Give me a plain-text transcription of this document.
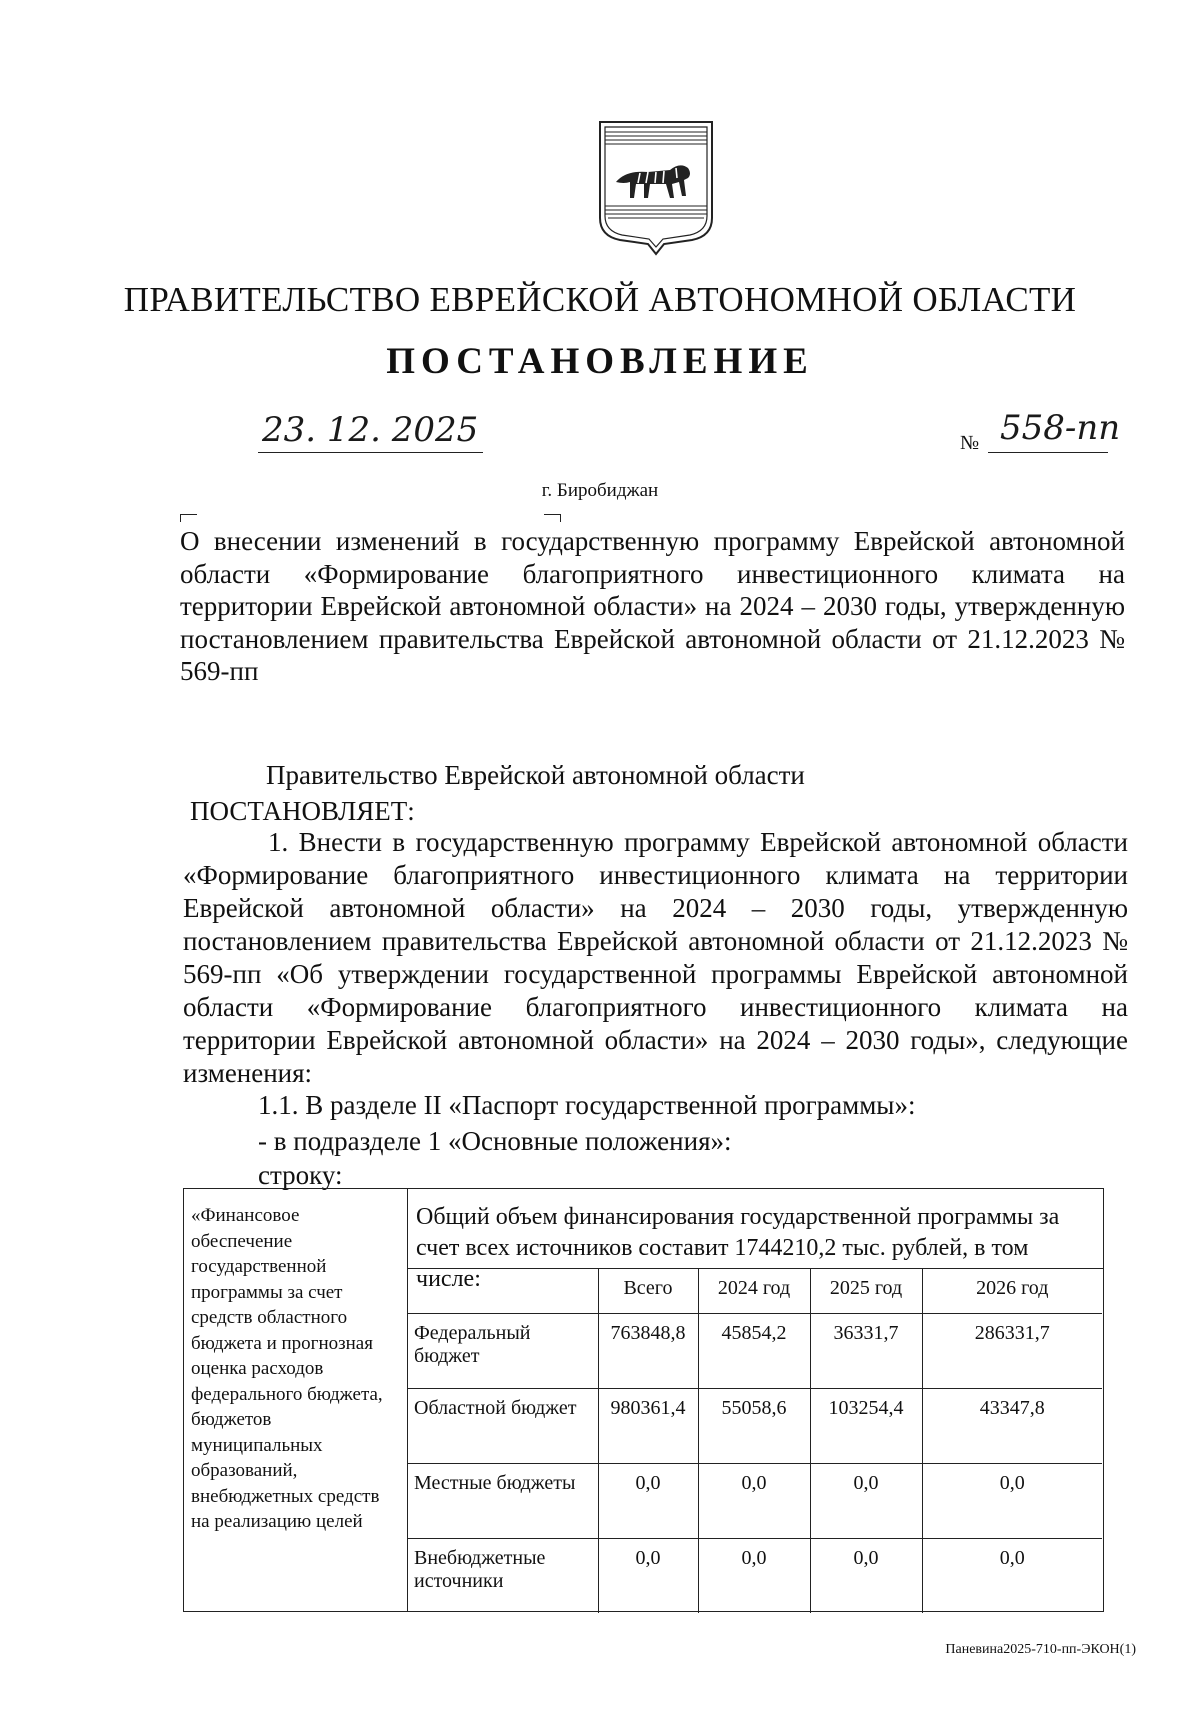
ПРАВИТЕЛЬСТВО ЕВРЕЙСКОЙ АВТОНОМНОЙ ОБЛАСТИ
ПОСТАНОВЛЕНИЕ
23. 12. 2025	№ 558-пп
г. Биробиджан
О внесении изменений в государственную программу Еврейской автономной области «Формирование благоприятного инвестиционного климата на территории Еврейской автономной области» на 2024 – 2030 годы, утвержденную постановлением правительства Еврейской автономной области от 21.12.2023 № 569-пп
Правительство Еврейской автономной области
ПОСТАНОВЛЯЕТ:
1. Внести в государственную программу Еврейской автономной области «Формирование благоприятного инвестиционного климата на территории Еврейской автономной области» на 2024 – 2030 годы, утвержденную постановлением правительства Еврейской автономной области от 21.12.2023 № 569-пп «Об утверждении государственной программы Еврейской автономной области «Формирование благоприятного инвестиционного климата на территории Еврейской автономной области» на 2024 – 2030 годы», следующие изменения:
1.1. В разделе II «Паспорт государственной программы»:
- в подразделе 1 «Основные положения»:
строку:
«Финансовое обеспечение государственной программы за счет средств областного бюджета и прогнозная оценка расходов федерального бюджета, бюджетов муниципальных образований, внебюджетных средств на реализацию целей
Общий объем финансирования государственной программы за счет всех источников составит 1744210,2 тыс. рублей, в том числе:
		Всего	2024 год	2025 год	2026 год
Федеральный бюджет	763848,8	45854,2	36331,7	286331,7
Областной бюджет	980361,4	55058,6	103254,4	43347,8
Местные бюджеты	0,0	0,0	0,0	0,0
Внебюджетные источники	0,0	0,0	0,0	0,0
Паневина2025-710-пп-ЭКОН(1)
